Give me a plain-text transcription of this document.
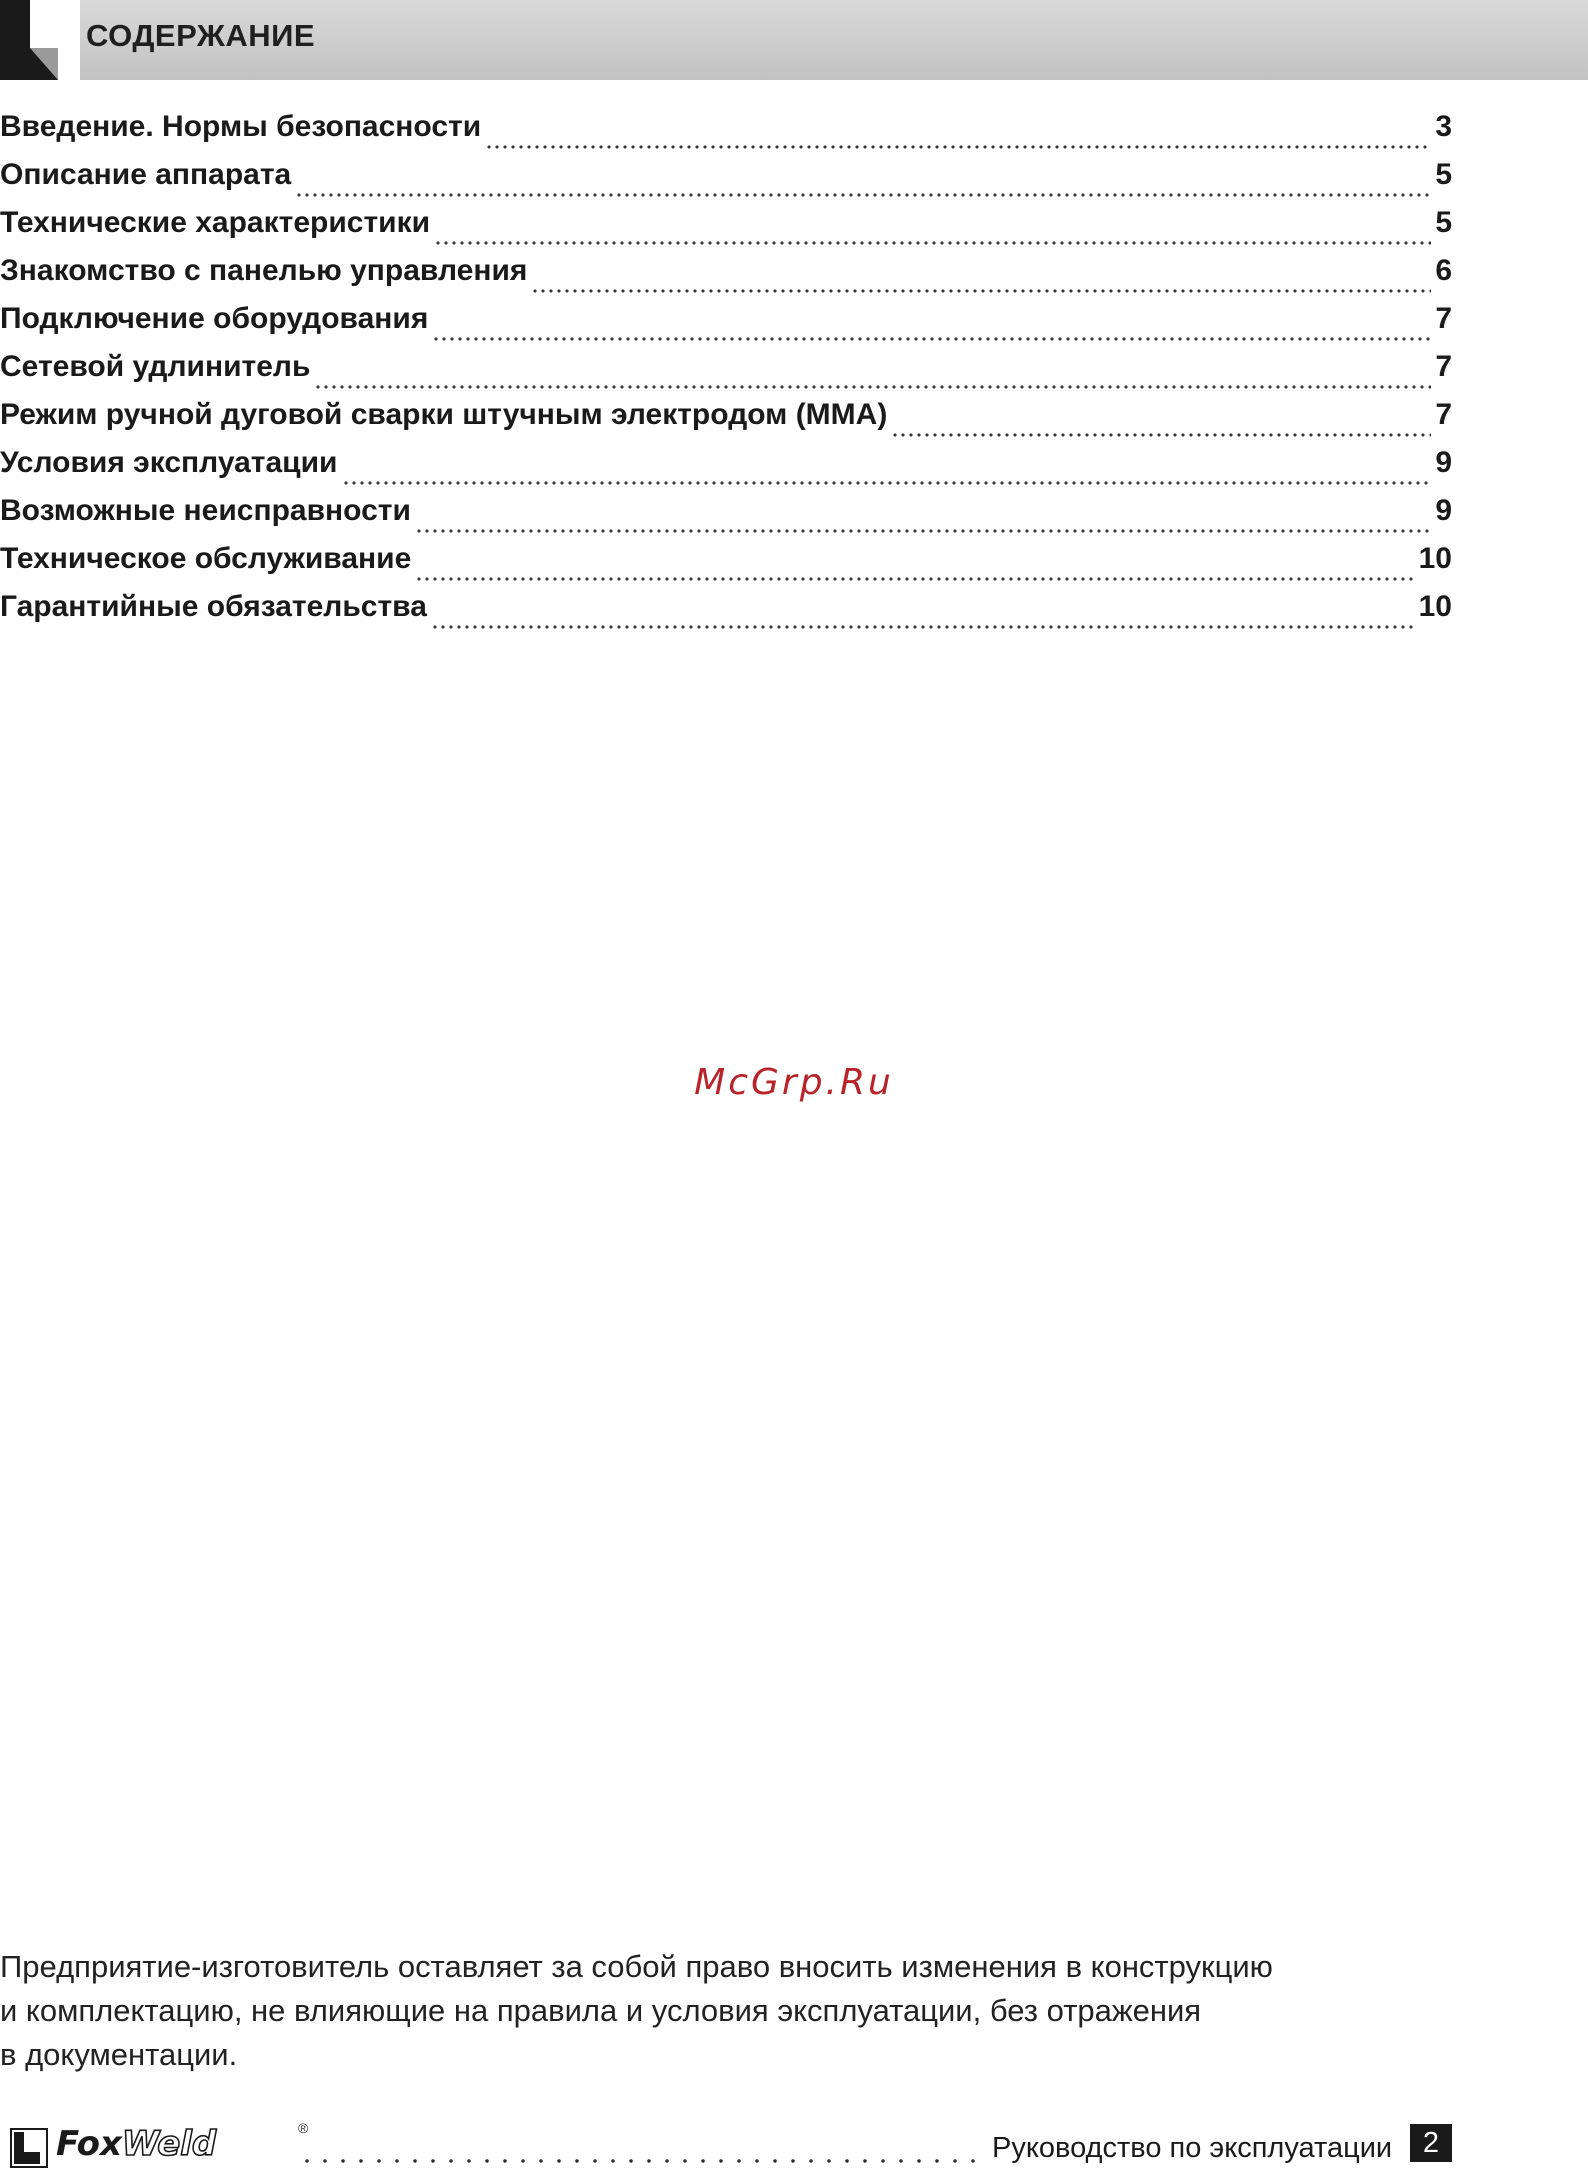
СОДЕРЖАНИЕ
Введение. Нормы безопасности	3
Описание аппарата	5
Технические характеристики	5
Знакомство с панелью управления	6
Подключение оборудования	7
Сетевой удлинитель	7
Режим ручной дуговой сварки штучным электродом (MMA)	7
Условия эксплуатации	9
Возможные неисправности	9
Техническое обслуживание	10
Гарантийные обязательства	10
McGrp.Ru
Предприятие-изготовитель оставляет за собой право вносить изменения в конструкцию
и комплектацию, не влияющие на правила и условия эксплуатации, без отражения
в документации.
FoxWeld	®
Руководство по эксплуатации	2
